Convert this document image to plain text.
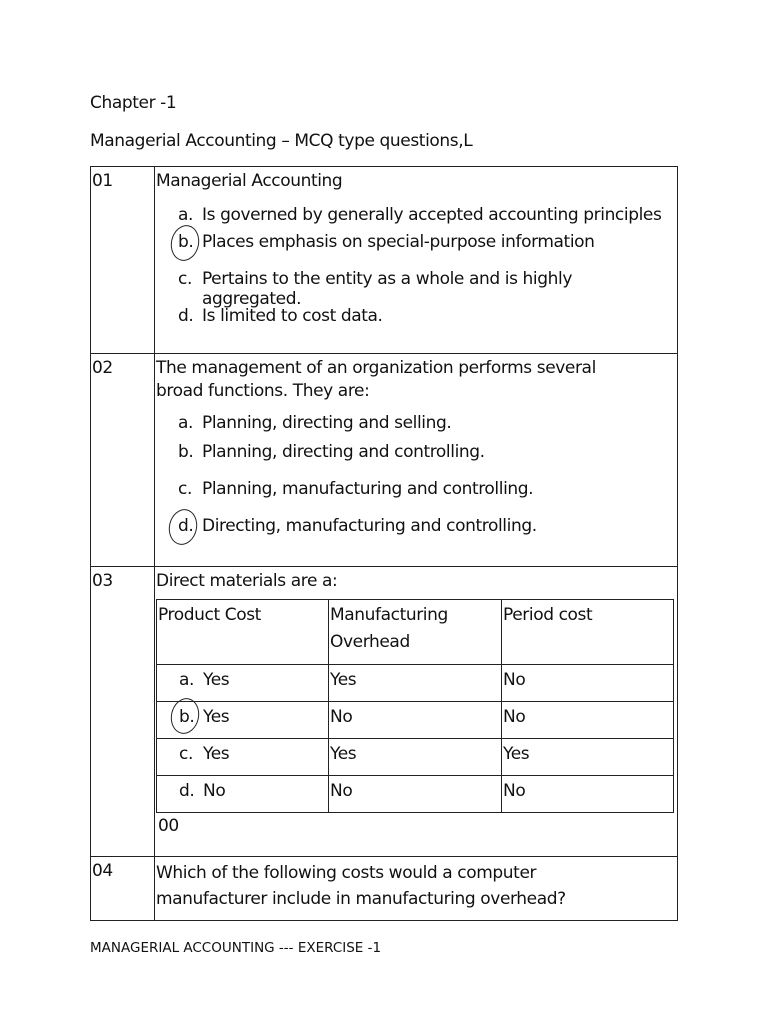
Chapter -1
Managerial Accounting – MCQ type questions,L
01	Managerial Accounting
a. Is governed by generally accepted accounting principles
b. Places emphasis on special-purpose information
c. Pertains to the entity as a whole and is highly aggregated.
d. Is limited to cost data.

02	The management of an organization performs several broad functions. They are:
a. Planning, directing and selling.
b. Planning, directing and controlling.
c. Planning, manufacturing and controlling.
d. Directing, manufacturing and controlling.

03	Direct materials are a:
Product Cost	Manufacturing Overhead	Period cost
a. Yes	Yes	No

b. Yes	No	No
c. Yes	Yes	Yes
d. No	No	No
00

04	Which of the following costs would a computer manufacturer include in manufacturing overhead?
MANAGERIAL ACCOUNTING --- EXERCISE -1
